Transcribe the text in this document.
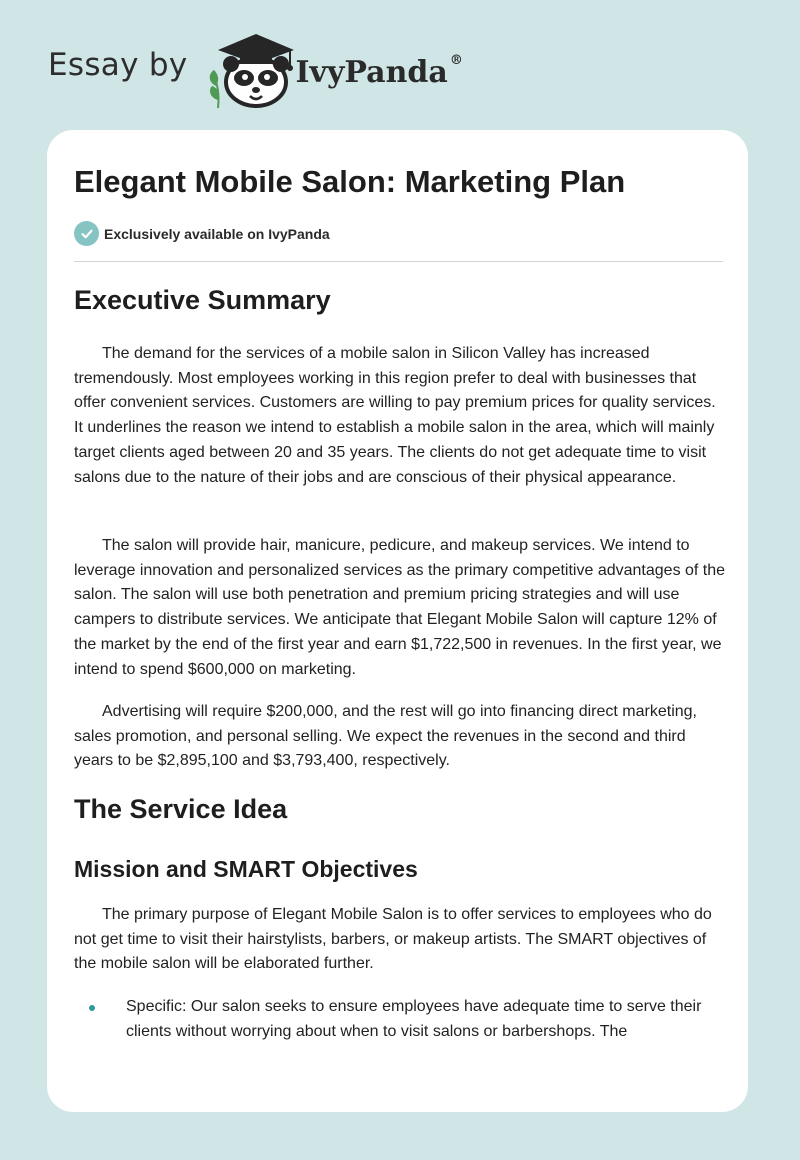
Essay by	IvyPanda ®
Elegant Mobile Salon: Marketing Plan
Exclusively available on IvyPanda
Executive Summary

The demand for the services of a mobile salon in Silicon Valley has increased tremendously. Most employees working in this region prefer to deal with businesses that offer convenient services. Customers are willing to pay premium prices for quality services. It underlines the reason we intend to establish a mobile salon in the area, which will mainly target clients aged between 20 and 35 years. The clients do not get adequate time to visit salons due to the nature of their jobs and are conscious of their physical appearance.

The salon will provide hair, manicure, pedicure, and makeup services. We intend to leverage innovation and personalized services as the primary competitive advantages of the salon. The salon will use both penetration and premium pricing strategies and will use campers to distribute services. We anticipate that Elegant Mobile Salon will capture 12% of the market by the end of the first year and earn $1,722,500 in revenues. In the first year, we intend to spend $600,000 on marketing.

Advertising will require $200,000, and the rest will go into financing direct marketing, sales promotion, and personal selling. We expect the revenues in the second and third years to be $2,895,100 and $3,793,400, respectively.

The Service Idea
Mission and SMART Objectives

The primary purpose of Elegant Mobile Salon is to offer services to employees who do not get time to visit their hairstylists, barbers, or makeup artists. The SMART objectives of the mobile salon will be elaborated further.

Specific: Our salon seeks to ensure employees have adequate time to serve their clients without worrying about when to visit salons or barbershops. The
